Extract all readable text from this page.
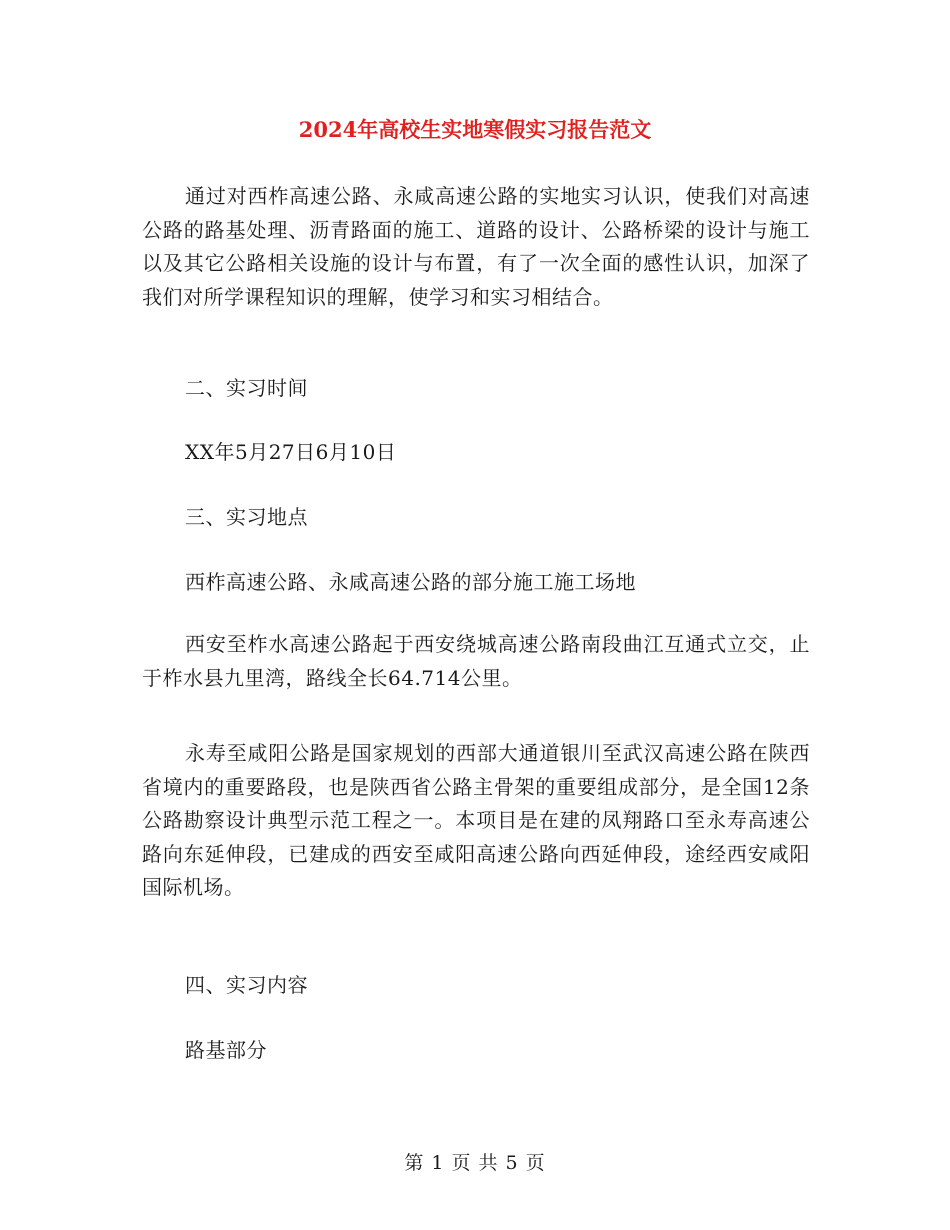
2024年高校生实地寒假实习报告范文

通过对西柞高速公路、永咸高速公路的实地实习认识，使我们对高速公路的路基处理、沥青路面的施工、道路的设计、公路桥梁的设计与施工以及其它公路相关设施的设计与布置，有了一次全面的感性认识，加深了我们对所学课程知识的理解，使学习和实习相结合。

二、实习时间
XX年5月27日6月10日
三、实习地点
西柞高速公路、永咸高速公路的部分施工施工场地

西安至柞水高速公路起于西安绕城高速公路南段曲江互通式立交，止于柞水县九里湾，路线全长64.714公里。

永寿至咸阳公路是国家规划的西部大通道银川至武汉高速公路在陕西省境内的重要路段，也是陕西省公路主骨架的重要组成部分，是全国12条公路勘察设计典型示范工程之一。本项目是在建的凤翔路口至永寿高速公路向东延伸段，已建成的西安至咸阳高速公路向西延伸段，途经西安咸阳国际机场。

四、实习内容
路基部分
第 1 页 共 5 页
